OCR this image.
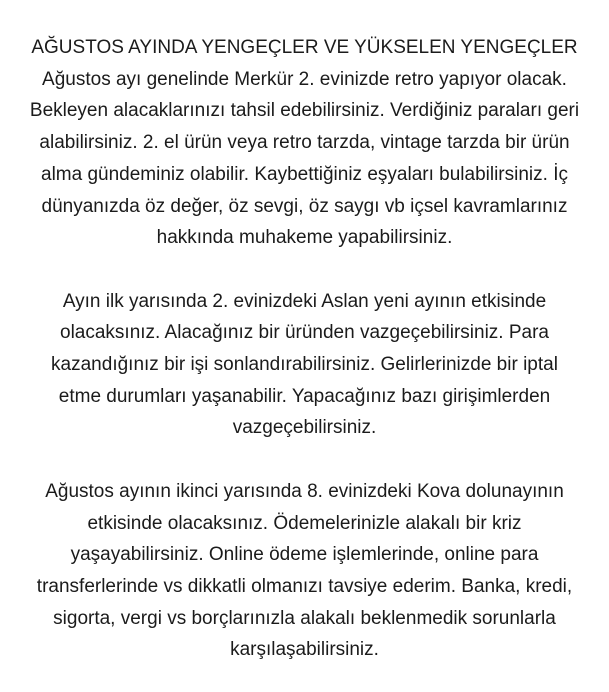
AĞUSTOS AYINDA YENGEÇLER VE YÜKSELEN YENGEÇLER

Ağustos ayı genelinde Merkür 2. evinizde retro yapıyor olacak.
Bekleyen alacaklarınızı tahsil edebilirsiniz. Verdiğiniz paraları geri
alabilirsiniz. 2. el ürün veya retro tarzda, vintage tarzda bir ürün
alma gündeminiz olabilir. Kaybettiğiniz eşyaları bulabilirsiniz. İç
dünyanızda öz değer, öz sevgi, öz saygı vb içsel kavramlarınız
hakkında muhakeme yapabilirsiniz.

Ayın ilk yarısında 2. evinizdeki Aslan yeni ayının etkisinde
olacaksınız. Alacağınız bir üründen vazgeçebilirsiniz. Para
kazandığınız bir işi sonlandırabilirsiniz. Gelirlerinizde bir iptal
etme durumları yaşanabilir. Yapacağınız bazı girişimlerden
vazgeçebilirsiniz.

Ağustos ayının ikinci yarısında 8. evinizdeki Kova dolunayının
etkisinde olacaksınız. Ödemelerinizle alakalı bir kriz
yaşayabilirsiniz. Online ödeme işlemlerinde, online para
transferlerinde vs dikkatli olmanızı tavsiye ederim. Banka, kredi,
sigorta, vergi vs borçlarınızla alakalı beklenmedik sorunlarla
karşılaşabilirsiniz.
